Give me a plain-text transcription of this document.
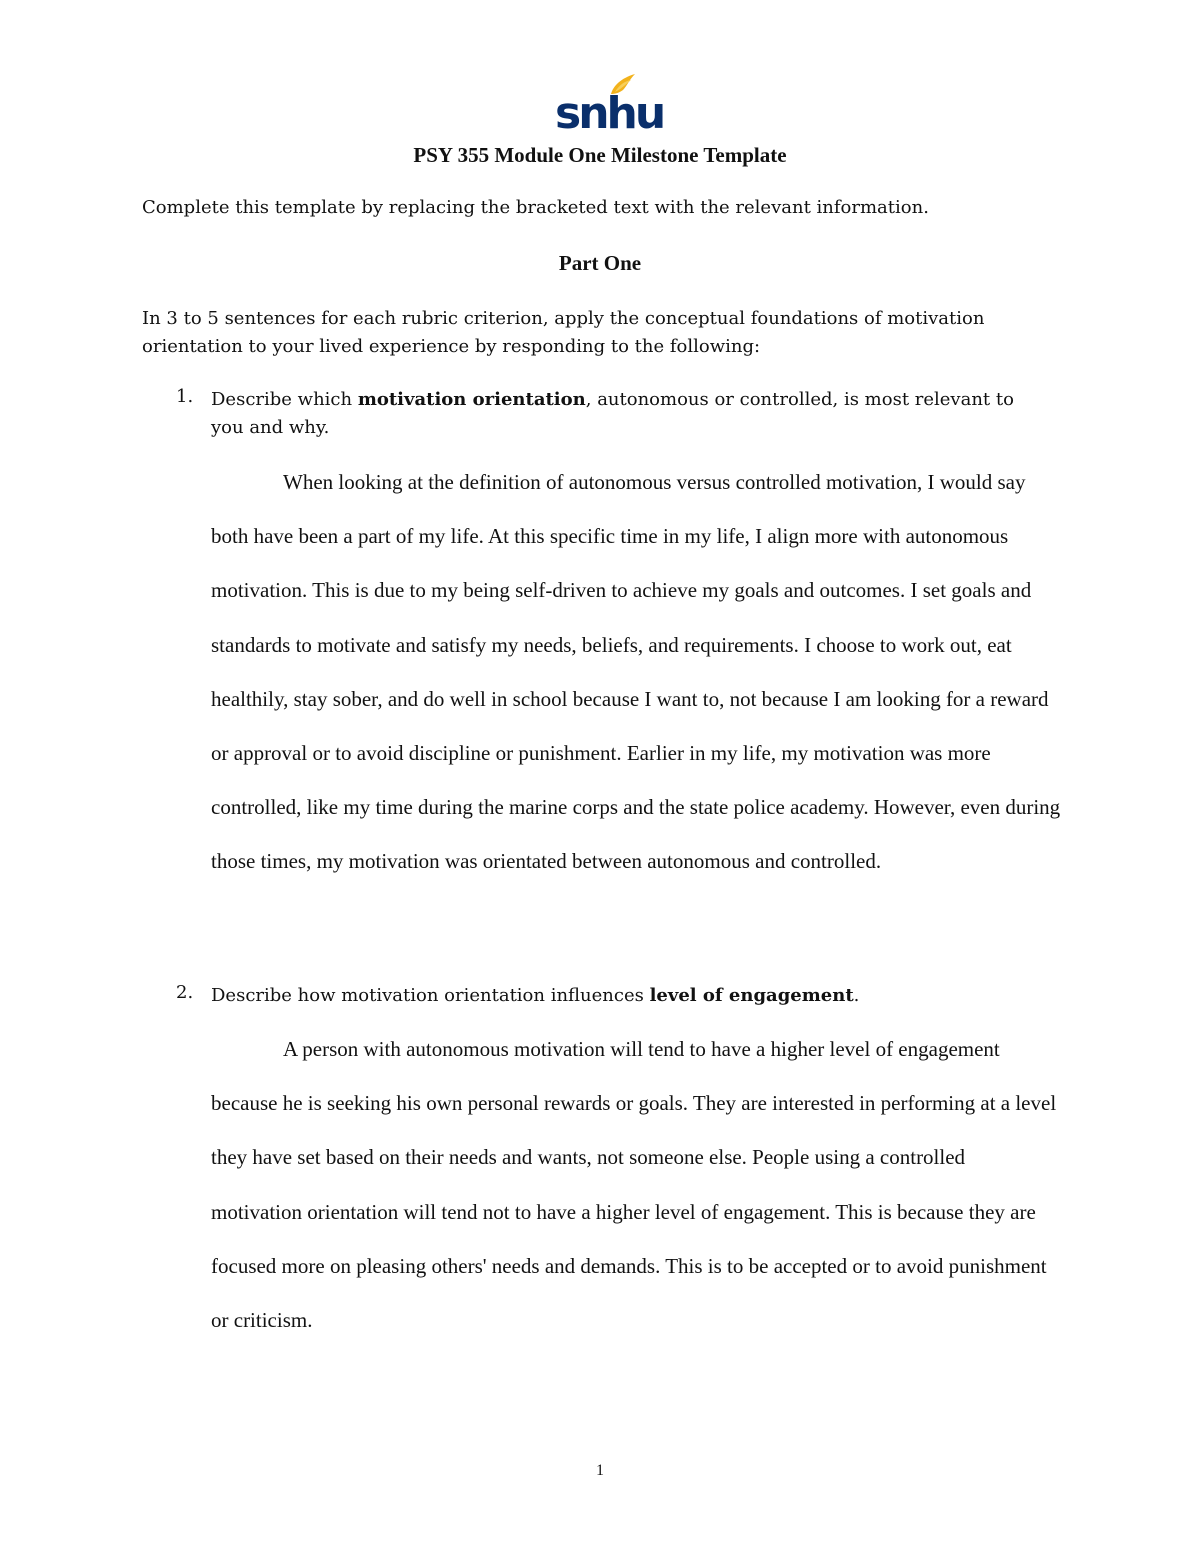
snhu
PSY 355 Module One Milestone Template

Complete this template by replacing the bracketed text with the relevant information.

Part One

In 3 to 5 sentences for each rubric criterion, apply the conceptual foundations of motivation orientation to your lived experience by responding to the following:

1. Describe which motivation orientation, autonomous or controlled, is most relevant to you and why.

When looking at the definition of autonomous versus controlled motivation, I would say both have been a part of my life. At this specific time in my life, I align more with autonomous motivation. This is due to my being self-driven to achieve my goals and outcomes. I set goals and standards to motivate and satisfy my needs, beliefs, and requirements. I choose to work out, eat healthily, stay sober, and do well in school because I want to, not because I am looking for a reward or approval or to avoid discipline or punishment. Earlier in my life, my motivation was more controlled, like my time during the marine corps and the state police academy. However, even during those times, my motivation was orientated between autonomous and controlled.

2. Describe how motivation orientation influences level of engagement.

A person with autonomous motivation will tend to have a higher level of engagement because he is seeking his own personal rewards or goals. They are interested in performing at a level they have set based on their needs and wants, not someone else. People using a controlled motivation orientation will tend not to have a higher level of engagement. This is because they are focused more on pleasing others' needs and demands. This is to be accepted or to avoid punishment or criticism.

1
